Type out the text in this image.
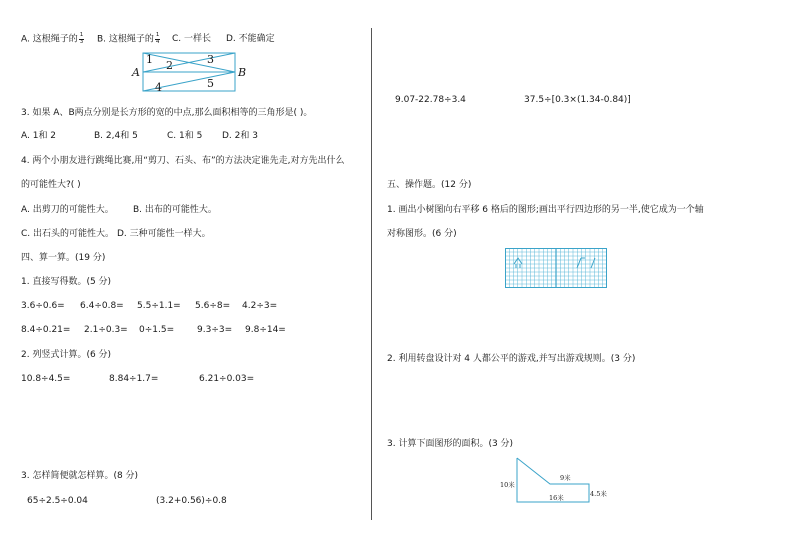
A. 这根绳子的 $\frac{1}{3} B$. 这根绳子的 $\frac{1}{4} C$. 一样长 D. 不能确定
A	B
1 2	3
4	5
3. 如果 A、B两点分别是长方形的宽的中点,那么面积相等的三角形是( )。
A. 1和 2	B. 2,4和 5	C. 1和 5 D. 2和 3
4. 两个小朋友进行跳绳比赛,用“剪刀、石头、布”的方法决定谁先走,对方先出什么
的可能性大?( )
A. 出剪刀的可能性大。 B. 出布的可能性大。
C. 出石头的可能性大。 D. 三种可能性一样大。
四、算一算。(19 分)
1. 直接写得数。(5 分)
3.6÷0.6= 6.4÷0.8= 5.5÷1.1= 5.6÷8= 4.2÷3=
8.4÷0.21= 2.1÷0.3= 0÷1.5=	9.3÷3= 9.8÷14=
2. 列竖式计算。(6 分)
10.8÷4.5=	8.84÷1.7=	6.21÷0.03=
3. 怎样简便就怎样算。(8 分)
65÷2.5÷0.04	(3.2+0.56)÷0.8
9.07-22.78÷3.4	37.5÷[0.3×(1.34-0.84)]
五、操作题。(12 分)
1. 画出小树图向右平移 6 格后的图形;画出平行四边形的另一半,使它成为一个轴
对称图形。(6 分)
2. 利用转盘设计对 4 人都公平的游戏,并写出游戏规则。(3 分)
3. 计算下面图形的面积。(3 分)
10米
9米
16米	4.5米
